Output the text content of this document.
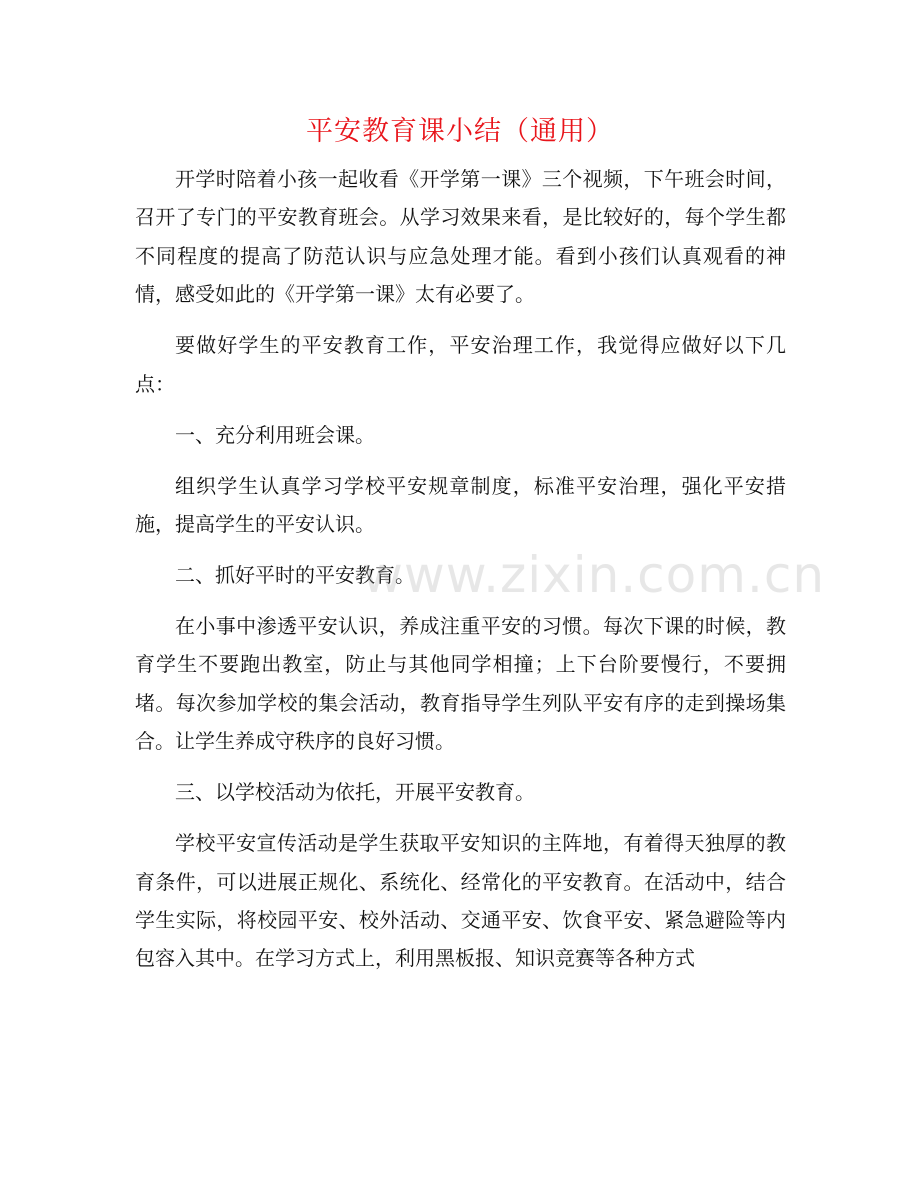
平安教育课小结（通用）

开学时陪着小孩一起收看《开学第一课》三个视频，下午班会时间，召开了专门的平安教育班会。从学习效果来看，是比较好的，每个学生都不同程度的提高了防范认识与应急处理才能。看到小孩们认真观看的神情，感受如此的《开学第一课》太有必要了。

要做好学生的平安教育工作，平安治理工作，我觉得应做好以下几点：

一、充分利用班会课。

组织学生认真学习学校平安规章制度，标准平安治理，强化平安措施，提高学生的平安认识。

二、抓好平时的平安教育。

在小事中渗透平安认识，养成注重平安的习惯。每次下课的时候，教育学生不要跑出教室，防止与其他同学相撞；上下台阶要慢行，不要拥堵。每次参加学校的集会活动，教育指导学生列队平安有序的走到操场集合。让学生养成守秩序的良好习惯。

三、以学校活动为依托，开展平安教育。

学校平安宣传活动是学生获取平安知识的主阵地，有着得天独厚的教育条件，可以进展正规化、系统化、经常化的平安教育。在活动中，结合学生实际，将校园平安、校外活动、交通平安、饮食平安、紧急避险等内包容入其中。在学习方式上，利用黑板报、知识竞赛等各种方式

www.zixin.com.cn
